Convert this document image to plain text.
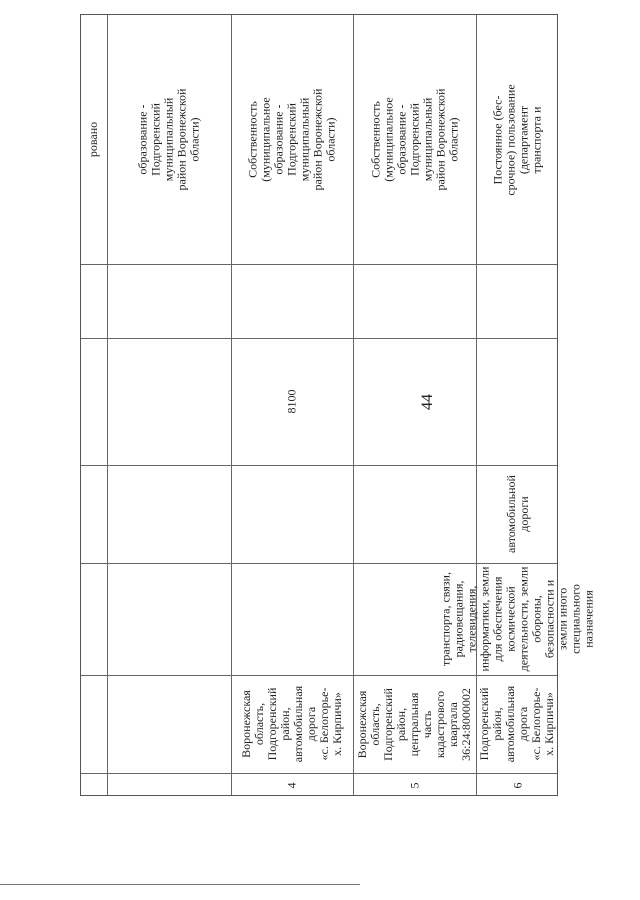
44
ровано	образование -
Подгоренский
муниципальный
район Воронежской
области)
автомобильной
дороги
транспорта, связи,
радиовещания,
телевидения,
информатики, земли
для обеспечения
космической
деятельности, земли
обороны,
безопасности и
земли иного
специального
назначения
Подгоренский
район,
автомобильная
дорога
«с. Белогорье-
х. Кирпичи»
Собственность
(муниципальное
образование -
Подгоренский
муниципальный
район Воронежской
области)
8100
Воронежская
область,
Подгоренский
район,
автомобильная
дорога
«с. Белогорье-
х. Кирпичи»
4
Собственность
(муниципальное
образование -
Подгоренский
муниципальный
район Воронежской
области)
Воронежская
область,
Подгоренский
район,
центральная
часть
кадастрового
квартала
36:24:8000002
5
Постоянное (бес-
срочное) пользование
(департамент
транспорта и
6
